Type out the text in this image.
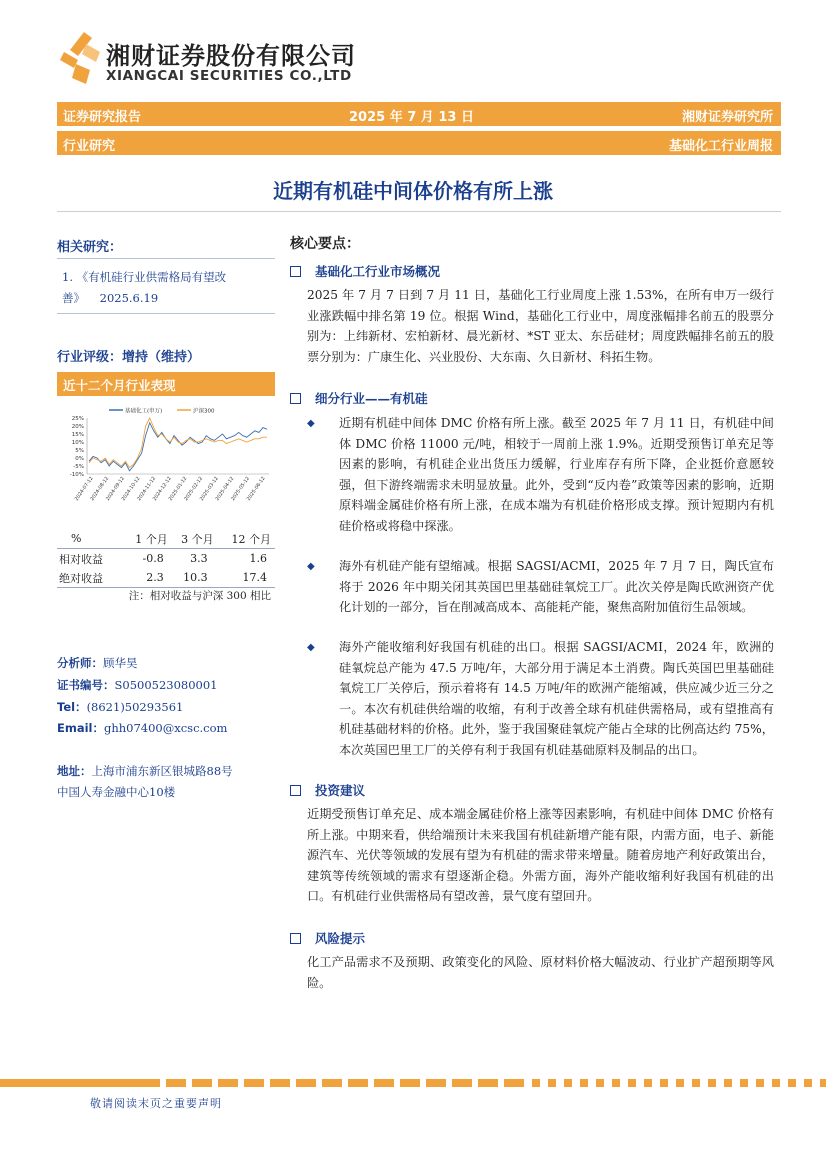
湘财证券股份有限公司
XIANGCAI SECURITIES CO.,LTD
证券研究报告	2025 年 7 月 13 日	湘财证券研究所
行业研究	基础化工行业周报
近期有机硅中间体价格有所上涨
相关研究：
1. 《有机硅行业供需格局有望改善》 2025.6.19
行业评级：增持（维持）
近十二个月行业表现
基础化工(申万)	沪深300
25%
20%
15%
10%
5%
0%
-5%
-10%
2024-07-12
2024-08-12
2024-09-12
2024-10-12
2024-11-12
2024-12-12
2025-01-12
2025-02-12
2025-03-12
2025-04-12
2025-05-12
2025-06-12
%	1 个月	3 个月	12 个月
相对收益	-0.8	3.3	1.6
绝对收益	2.3	10.3	17.4
注：相对收益与沪深 300 相比
分析师：顾华昊
证书编号：S0500523080001
Tel：(8621)50293561
Email：ghh07400@xcsc.com
地址：上海市浦东新区银城路88号
中国人寿金融中心10楼
核心要点：
基础化工行业市场概况
2025 年 7 月 7 日到 7 月 11 日，基础化工行业周度上涨 1.53%，在所有申万一级行业涨跌幅中排名第 19 位。根据 Wind，基础化工行业中，周度涨幅排名前五的股票分别为：上纬新材、宏柏新材、晨光新材、*ST 亚太、东岳硅材；周度跌幅排名前五的股票分别为：广康生化、兴业股份、大东南、久日新材、科拓生物。
细分行业——有机硅
◆ 近期有机硅中间体 DMC 价格有所上涨。截至 2025 年 7 月 11 日，有机硅中间体 DMC 价格 11000 元/吨，相较于一周前上涨 1.9%。近期受预售订单充足等因素的影响，有机硅企业出货压力缓解，行业库存有所下降，企业挺价意愿较强，但下游终端需求未明显放量。此外，受到“反内卷”政策等因素的影响，近期原料端金属硅价格有所上涨，在成本端为有机硅价格形成支撑。预计短期内有机硅价格或将稳中探涨。
◆ 海外有机硅产能有望缩减。根据 SAGSI/ACMI，2025 年 7 月 7 日，陶氏宣布将于 2026 年中期关闭其英国巴里基础硅氧烷工厂。此次关停是陶氏欧洲资产优化计划的一部分，旨在削减高成本、高能耗产能，聚焦高附加值衍生品领域。
◆ 海外产能收缩利好我国有机硅的出口。根据 SAGSI/ACMI，2024 年，欧洲的硅氧烷总产能为 47.5 万吨/年，大部分用于满足本土消费。陶氏英国巴里基础硅氧烷工厂关停后，预示着将有 14.5 万吨/年的欧洲产能缩减，供应减少近三分之一。本次有机硅供给端的收缩，有利于改善全球有机硅供需格局，或有望推高有机硅基础材料的价格。此外，鉴于我国聚硅氧烷产能占全球的比例高达约 75%，本次英国巴里工厂的关停有利于我国有机硅基础原料及制品的出口。
投资建议
近期受预售订单充足、成本端金属硅价格上涨等因素影响，有机硅中间体 DMC 价格有所上涨。中期来看，供给端预计未来我国有机硅新增产能有限，内需方面，电子、新能源汽车、光伏等领域的发展有望为有机硅的需求带来增量。随着房地产利好政策出台，建筑等传统领域的需求有望逐渐企稳。外需方面，海外产能收缩利好我国有机硅的出口。有机硅行业供需格局有望改善，景气度有望回升。
风险提示
化工产品需求不及预期、政策变化的风险、原材料价格大幅波动、行业扩产超预期等风险。
敬请阅读末页之重要声明
